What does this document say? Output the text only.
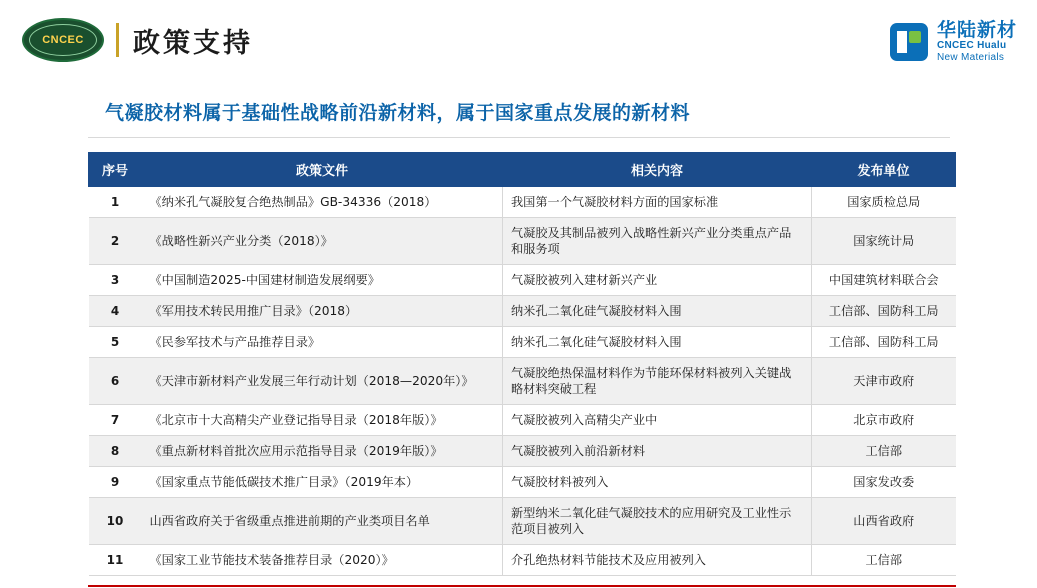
CNCEC 政策支持	华陆新材
CNCEC Hualu
New Materials
气凝胶材料属于基础性战略前沿新材料，属于国家重点发展的新材料
序号	政策文件	相关内容	发布单位
1	《纳米孔气凝胶复合绝热制品》GB-34336（2018）	我国第一个气凝胶材料方面的国家标准	国家质检总局
2	《战略性新兴产业分类（2018）》	气凝胶及其制品被列入战略性新兴产业分类重点产品和服务项	国家统计局
3	《中国制造2025-中国建材制造发展纲要》	气凝胶被列入建材新兴产业	中国建筑材料联合会
4	《军用技术转民用推广目录》（2018）	纳米孔二氧化硅气凝胶材料入围	工信部、国防科工局
5	《民参军技术与产品推荐目录》	纳米孔二氧化硅气凝胶材料入围	工信部、国防科工局
6	《天津市新材料产业发展三年行动计划（2018—2020年）》	气凝胶绝热保温材料作为节能环保材料被列入关键战略材料突破工程	天津市政府
7	《北京市十大高精尖产业登记指导目录（2018年版）》	气凝胶被列入高精尖产业中	北京市政府
8	《重点新材料首批次应用示范指导目录（2019年版）》	气凝胶被列入前沿新材料	工信部
9	《国家重点节能低碳技术推广目录》（2019年本）	气凝胶材料被列入	国家发改委
10	山西省政府关于省级重点推进前期的产业类项目名单	新型纳米二氧化硅气凝胶技术的应用研究及工业性示范项目被列入	山西省政府
11	《国家工业节能技术装备推荐目录（2020）》	介孔绝热材料节能技术及应用被列入	工信部
